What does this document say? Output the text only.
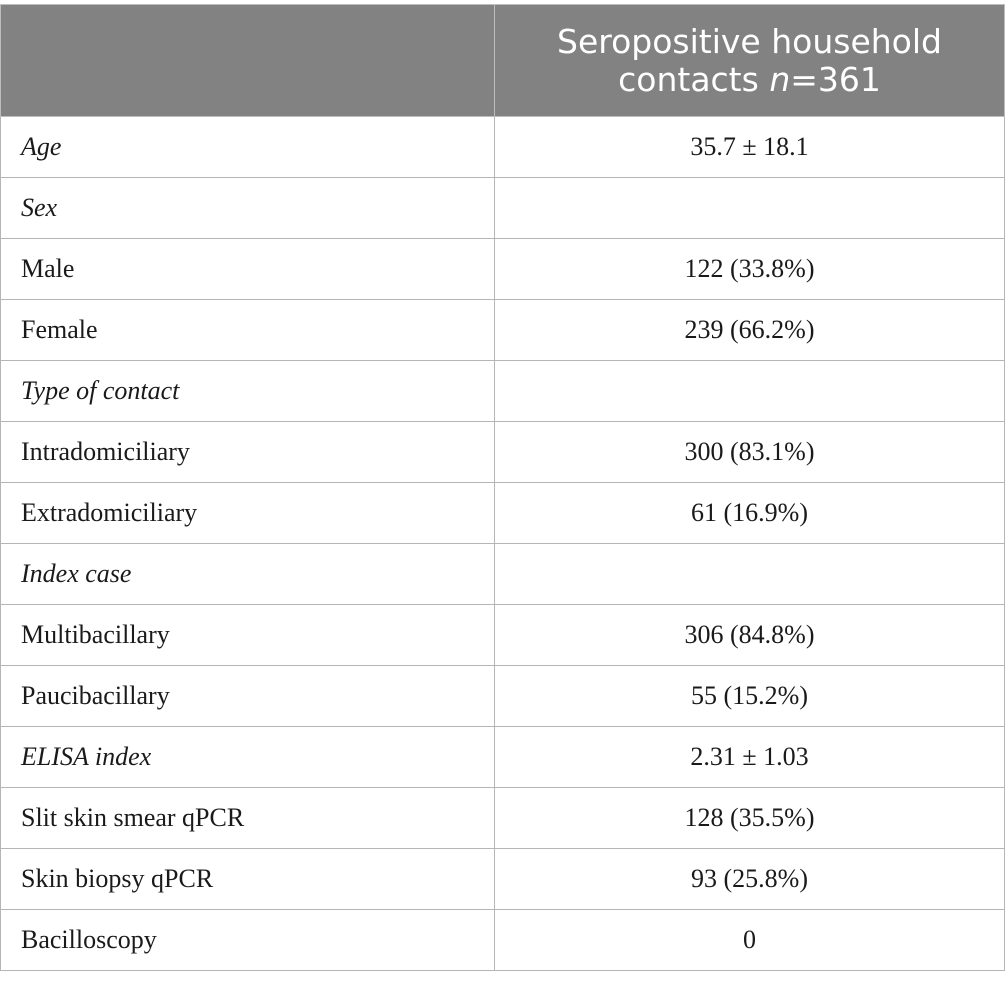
	Seropositive household
contacts n=361
Age	35.7 ± 18.1
Sex	
Male	122 (33.8%)
Female	239 (66.2%)
Type of contact	
Intradomiciliary	300 (83.1%)
Extradomiciliary	61 (16.9%)
Index case	
Multibacillary	306 (84.8%)
Paucibacillary	55 (15.2%)
ELISA index	2.31 ± 1.03
Slit skin smear qPCR	128 (35.5%)
Skin biopsy qPCR	93 (25.8%)
Bacilloscopy	0
